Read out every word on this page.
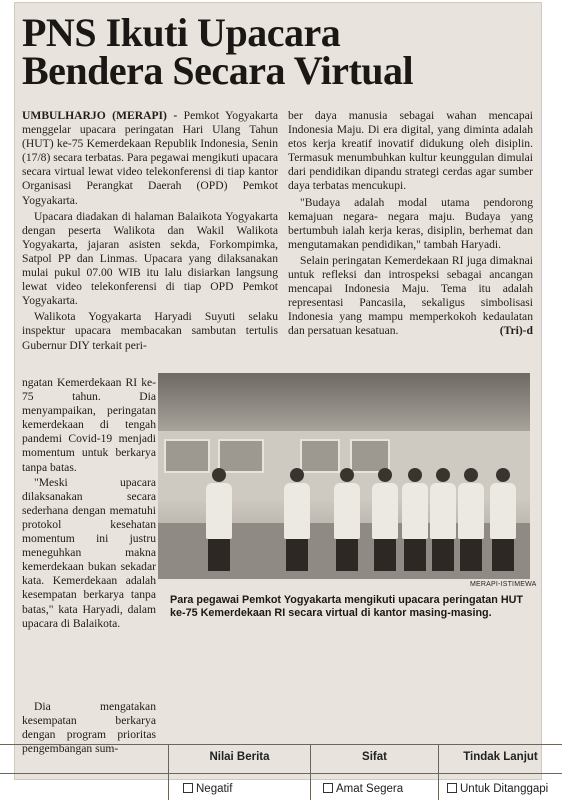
PNS Ikuti Upacara
Bendera Secara Virtual

UMBULHARJO (MERAPI) - Pemkot Yogyakarta menggelar upacara peringatan Hari Ulang Tahun (HUT) ke-75 Kemerdekaan Republik Indonesia, Senin (17/8) secara terbatas. Para pegawai mengikuti upacara secara virtual lewat video telekonferensi di tiap kantor Organisasi Perangkat Daerah (OPD) Pemkot Yogyakarta.

Upacara diadakan di halaman Balaikota Yogyakarta dengan peserta Walikota dan Wakil Walikota Yogyakarta, jajaran asisten sekda, Forkompimka, Satpol PP dan Linmas. Upacara yang dilaksanakan mulai pukul 07.00 WIB itu lalu disiarkan langsung lewat video telekonferensi di tiap OPD Pemkot Yogyakarta.

Walikota Yogyakarta Haryadi Suyuti selaku inspektur upacara membacakan sambutan tertulis Gubernur DIY terkait peri-

ngatan Kemerdekaan RI ke-75 tahun. Dia menyampaikan, peringatan kemerdekaan di tengah pandemi Covid-19 menjadi momentum untuk berkarya tanpa batas.

"Meski upacara dilaksanakan secara sederhana dengan mematuhi protokol kesehatan momentum ini justru meneguhkan makna kemerdekaan bukan sekadar kata. Kemerdekaan adalah kesempatan berkarya tanpa batas," kata Haryadi, dalam upacara di Balaikota.

Dia mengatakan kesempatan berkarya dengan program prioritas pengembangan sum-

ber daya manusia sebagai wahan mencapai Indonesia Maju. Di era digital, yang diminta adalah etos kerja kreatif inovatif didukung oleh disiplin. Termasuk menumbuhkan kultur keunggulan dimulai dari pendidikan dipandu strategi cerdas agar sumber daya terbatas mencukupi.

"Budaya adalah modal utama pendorong kemajuan negara- negara maju. Budaya yang bertumbuh ialah kerja keras, disiplin, berhemat dan mengutamakan pendidikan," tambah Haryadi.

Selain peringatan Kemerdekaan RI juga dimaknai untuk refleksi dan introspeksi sebagai ancangan mencapai Indonesia Maju. Tema itu adalah representasi Pancasila, sekaligus simbolisasi Indonesia yang mampu memperkokoh kedaulatan dan persatuan kesatuan.	(Tri)-d

MERAPI-ISTIMEWA
Para pegawai Pemkot Yogyakarta mengikuti upacara peringatan HUT ke-75 Kemerdekaan RI secara virtual di kantor masing-masing.
Nilai Berita
Negatif
Sifat
Amat Segera
Tindak Lanjut
Untuk Ditanggapi
